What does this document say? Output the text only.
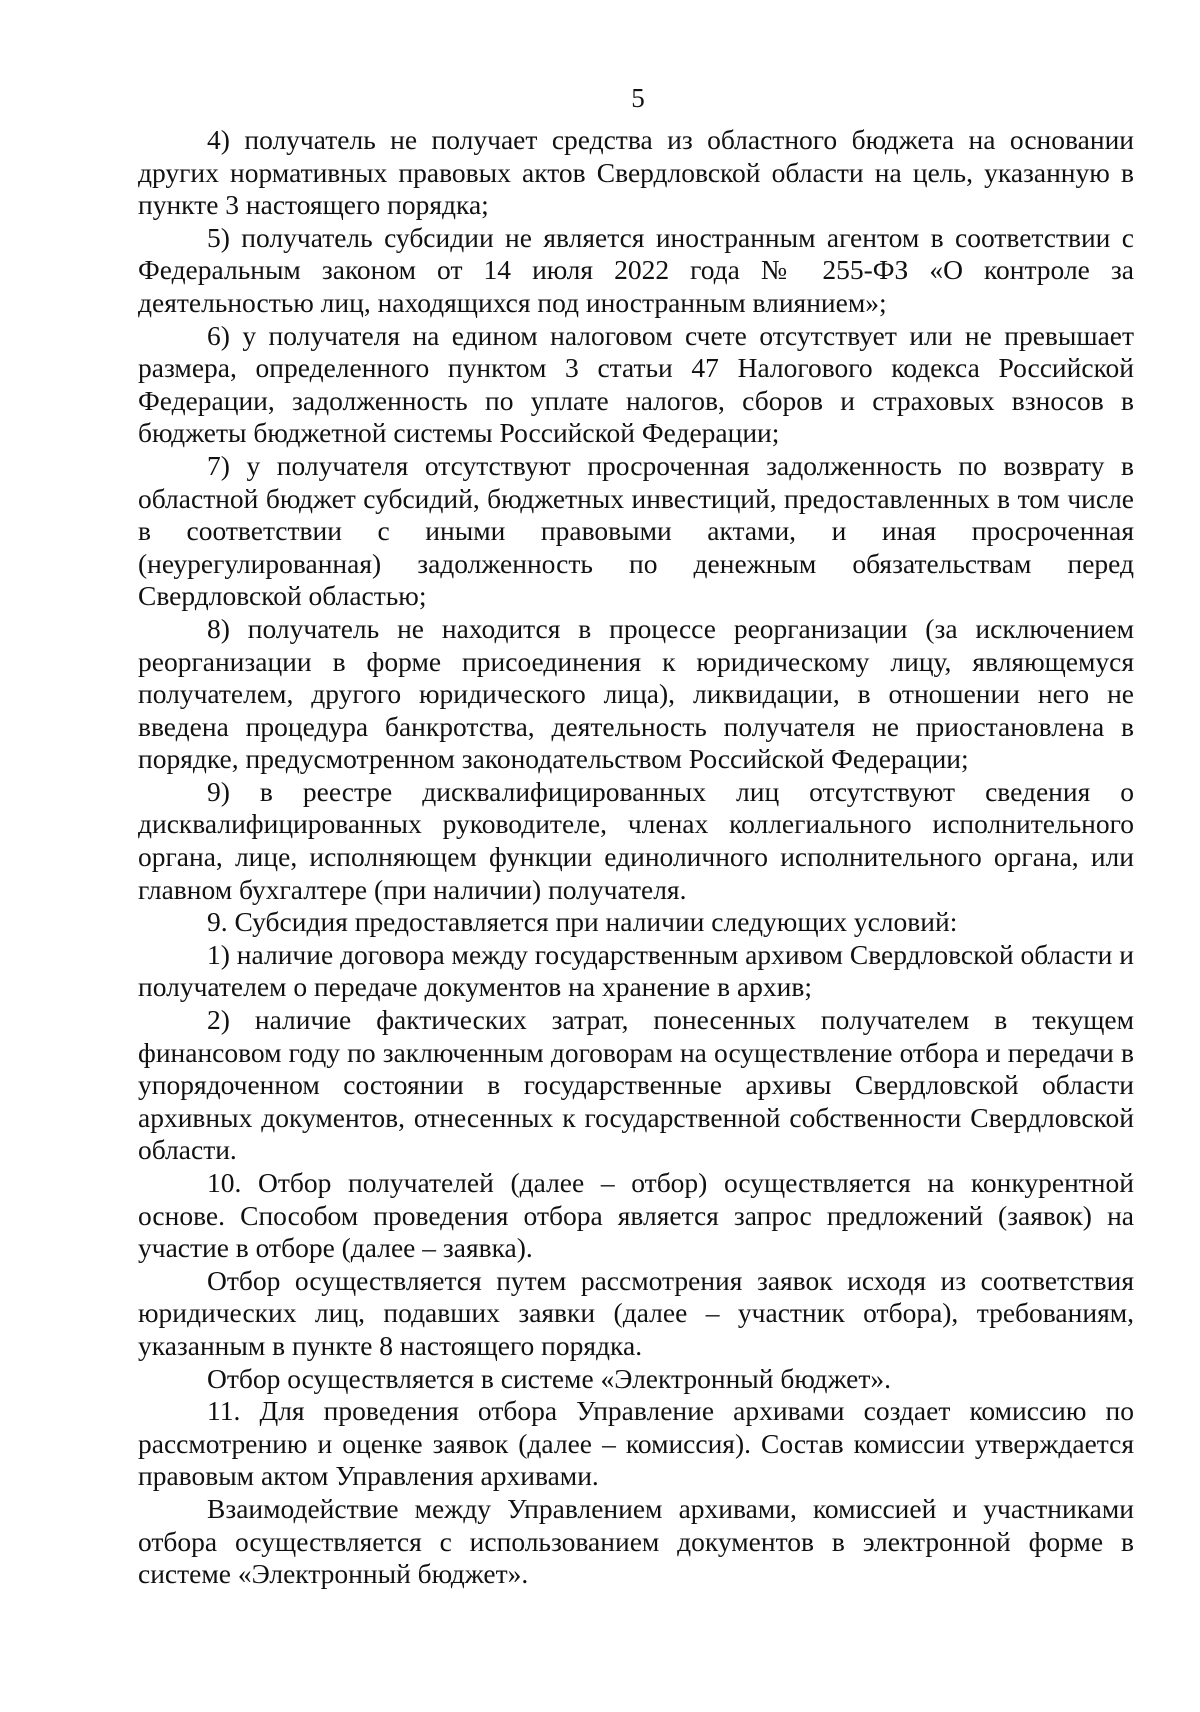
5

4) получатель не получает средства из областного бюджета на основании других нормативных правовых актов Свердловской области на цель, указанную в пункте 3 настоящего порядка;

5) получатель субсидии не является иностранным агентом в соответствии с Федеральным законом от 14 июля 2022 года № 255-ФЗ «О контроле за деятельностью лиц, находящихся под иностранным влиянием»;

6) у получателя на едином налоговом счете отсутствует или не превышает размера, определенного пунктом 3 статьи 47 Налогового кодекса Российской Федерации, задолженность по уплате налогов, сборов и страховых взносов в бюджеты бюджетной системы Российской Федерации;

7) у получателя отсутствуют просроченная задолженность по возврату в областной бюджет субсидий, бюджетных инвестиций, предоставленных в том числе в соответствии с иными правовыми актами, и иная просроченная (неурегулированная) задолженность по денежным обязательствам перед Свердловской областью;

8) получатель не находится в процессе реорганизации (за исключением реорганизации в форме присоединения к юридическому лицу, являющемуся получателем, другого юридического лица), ликвидации, в отношении него не введена процедура банкротства, деятельность получателя не приостановлена в порядке, предусмотренном законодательством Российской Федерации;

9) в реестре дисквалифицированных лиц отсутствуют сведения о дисквалифицированных руководителе, членах коллегиального исполнительного органа, лице, исполняющем функции единоличного исполнительного органа, или главном бухгалтере (при наличии) получателя.

9. Субсидия предоставляется при наличии следующих условий:

1) наличие договора между государственным архивом Свердловской области и получателем о передаче документов на хранение в архив;

2) наличие фактических затрат, понесенных получателем в текущем финансовом году по заключенным договорам на осуществление отбора и передачи в упорядоченном состоянии в государственные архивы Свердловской области архивных документов, отнесенных к государственной собственности Свердловской области.

10. Отбор получателей (далее – отбор) осуществляется на конкурентной основе. Способом проведения отбора является запрос предложений (заявок) на участие в отборе (далее – заявка).

Отбор осуществляется путем рассмотрения заявок исходя из соответствия юридических лиц, подавших заявки (далее – участник отбора), требованиям, указанным в пункте 8 настоящего порядка.

Отбор осуществляется в системе «Электронный бюджет».

11. Для проведения отбора Управление архивами создает комиссию по рассмотрению и оценке заявок (далее – комиссия). Состав комиссии утверждается правовым актом Управления архивами.

Взаимодействие между Управлением архивами, комиссией и участниками отбора осуществляется с использованием документов в электронной форме в системе «Электронный бюджет».
